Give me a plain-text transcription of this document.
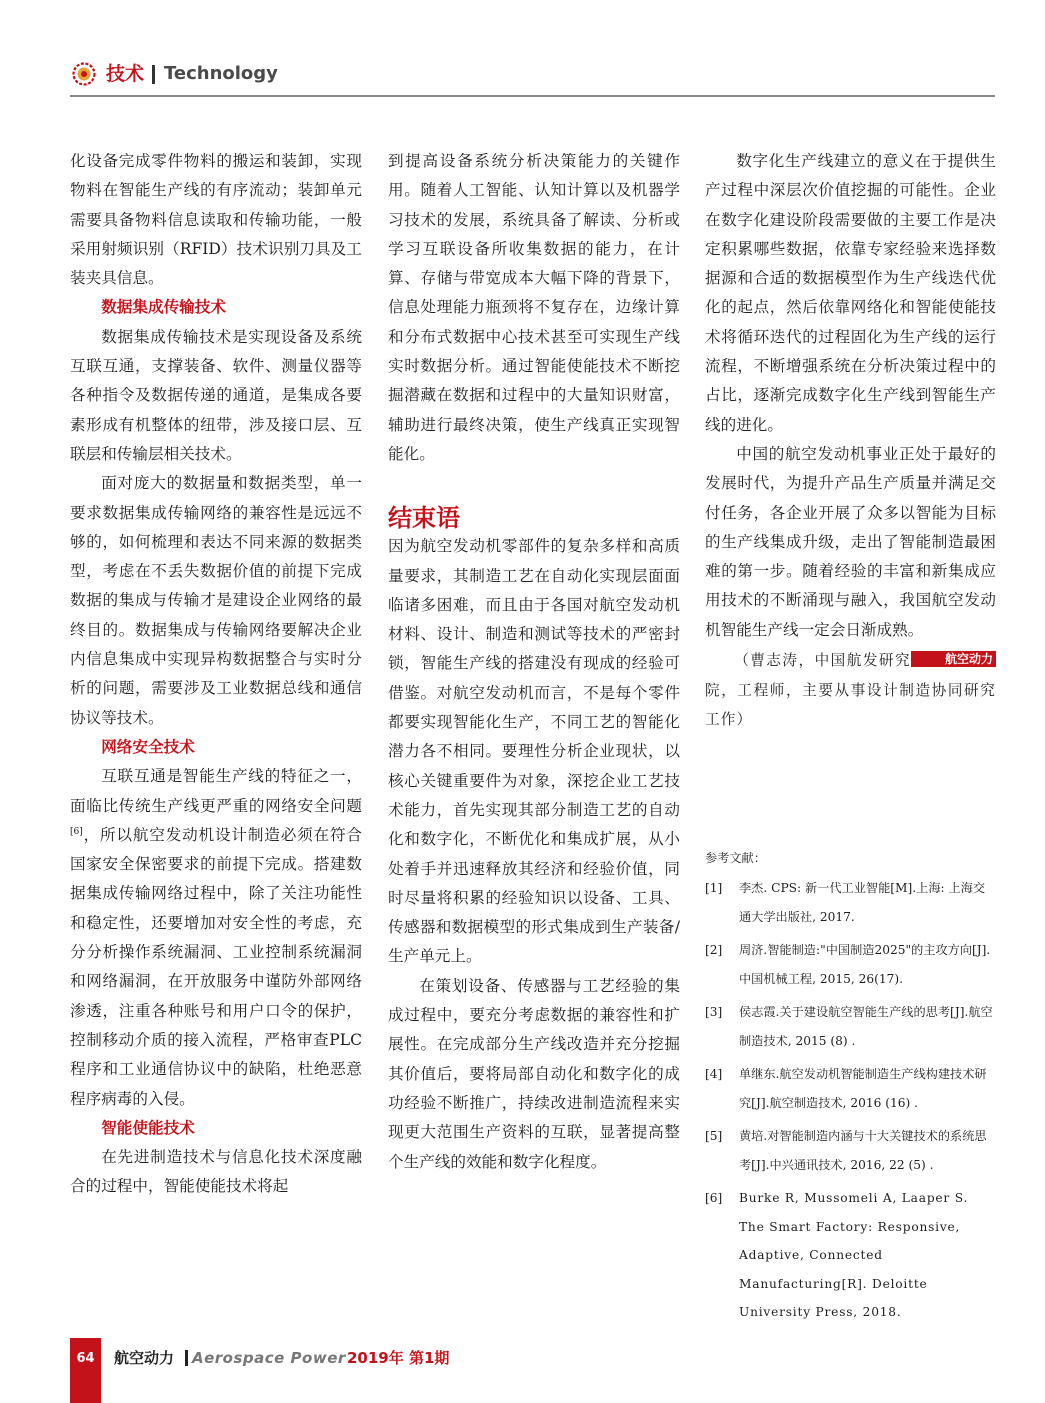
技术 Technology

化设备完成零件物料的搬运和装卸，实现物料在智能生产线的有序流动；装卸单元需要具备物料信息读取和传输功能，一般采用射频识别（RFID）技术识别刀具及工装夹具信息。

数据集成传输技术

数据集成传输技术是实现设备及系统互联互通，支撑装备、软件、测量仪器等各种指令及数据传递的通道，是集成各要素形成有机整体的纽带，涉及接口层、互联层和传输层相关技术。

面对庞大的数据量和数据类型，单一要求数据集成传输网络的兼容性是远远不够的，如何梳理和表达不同来源的数据类型，考虑在不丢失数据价值的前提下完成数据的集成与传输才是建设企业网络的最终目的。数据集成与传输网络要解决企业内信息集成中实现异构数据整合与实时分析的问题，需要涉及工业数据总线和通信协议等技术。

网络安全技术

互联互通是智能生产线的特征之一，面临比传统生产线更严重的网络安全问题[6]，所以航空发动机设计制造必须在符合国家安全保密要求的前提下完成。搭建数据集成传输网络过程中，除了关注功能性和稳定性，还要增加对安全性的考虑，充分分析操作系统漏洞、工业控制系统漏洞和网络漏洞，在开放服务中谨防外部网络渗透，注重各种账号和用户口令的保护，控制移动介质的接入流程，严格审查PLC程序和工业通信协议中的缺陷，杜绝恶意程序病毒的入侵。

智能使能技术

在先进制造技术与信息化技术深度融合的过程中，智能使能技术将起

到提高设备系统分析决策能力的关键作用。随着人工智能、认知计算以及机器学习技术的发展，系统具备了解读、分析或学习互联设备所收集数据的能力，在计算、存储与带宽成本大幅下降的背景下，信息处理能力瓶颈将不复存在，边缘计算和分布式数据中心技术甚至可实现生产线实时数据分析。通过智能使能技术不断挖掘潜藏在数据和过程中的大量知识财富，辅助进行最终决策，使生产线真正实现智能化。

结束语

因为航空发动机零部件的复杂多样和高质量要求，其制造工艺在自动化实现层面面临诸多困难，而且由于各国对航空发动机材料、设计、制造和测试等技术的严密封锁，智能生产线的搭建没有现成的经验可借鉴。对航空发动机而言，不是每个零件都要实现智能化生产，不同工艺的智能化潜力各不相同。要理性分析企业现状，以核心关键重要件为对象，深挖企业工艺技术能力，首先实现其部分制造工艺的自动化和数字化，不断优化和集成扩展，从小处着手并迅速释放其经济和经验价值，同时尽量将积累的经验知识以设备、工具、传感器和数据模型的形式集成到生产装备/生产单元上。

在策划设备、传感器与工艺经验的集成过程中，要充分考虑数据的兼容性和扩展性。在完成部分生产线改造并充分挖掘其价值后，要将局部自动化和数字化的成功经验不断推广，持续改进制造流程来实现更大范围生产资料的互联，显著提高整个生产线的效能和数字化程度。

数字化生产线建立的意义在于提供生产过程中深层次价值挖掘的可能性。企业在数字化建设阶段需要做的主要工作是决定积累哪些数据，依靠专家经验来选择数据源和合适的数据模型作为生产线迭代优化的起点，然后依靠网络化和智能使能技术将循环迭代的过程固化为生产线的运行流程，不断增强系统在分析决策过程中的占比，逐渐完成数字化生产线到智能生产线的进化。

中国的航空发动机事业正处于最好的发展时代，为提升产品生产质量并满足交付任务，各企业开展了众多以智能为目标的生产线集成升级，走出了智能制造最困难的第一步。随着经验的丰富和新集成应用技术的不断涌现与融入，我国航空发动机智能生产线一定会日渐成熟。
航空动力

（曹志涛，中国航发研究院，工程师，主要从事设计制造协同研究工作）

参考文献：
[1]	李杰. CPS: 新一代工业智能[M].上海: 上海交通大学出版社, 2017.
[2]	周济.智能制造:"中国制造2025"的主攻方向[J].中国机械工程, 2015, 26(17).
[3]	侯志霞.关于建设航空智能生产线的思考[J].航空制造技术, 2015 (8) .
[4]	单继东.航空发动机智能制造生产线构建技术研究[J].航空制造技术, 2016 (16) .
[5]	黄培.对智能制造内涵与十大关键技术的系统思考[J].中兴通讯技术, 2016, 22 (5) .
[6]	Burke R, Mussomeli A, Laaper S. The Smart Factory: Responsive, Adaptive, Connected Manufacturing[R]. Deloitte University Press, 2018.
64	航空动力 Aerospace Power 2019年 第1期
